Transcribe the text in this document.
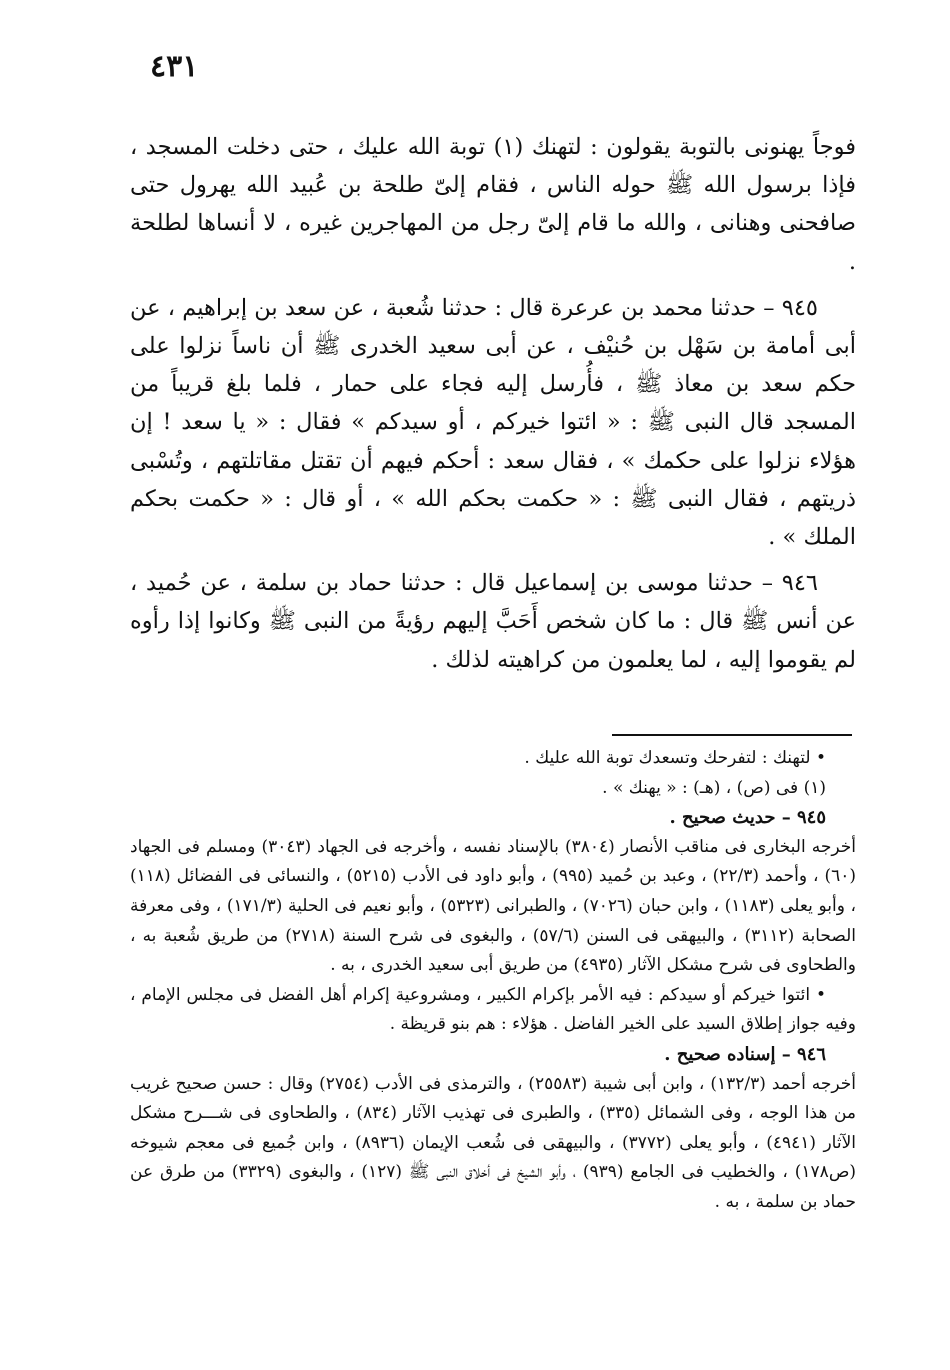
٤٣١

فوجاً يهنونى بالتوبة يقولون : لتهنك (١) توبة الله عليك ، حتى دخلت المسجد ، فإذا برسول الله ﷺ حوله الناس ، فقام إلىّ طلحة بن عُبيد الله يهرول حتى صافحنى وهنانى ، والله ما قام إلىّ رجل من المهاجرين غيره ، لا أنساها لطلحة .

٩٤٥ – حدثنا محمد بن عرعرة قال : حدثنا شُعبة ، عن سعد بن إبراهيم ، عن أبى أمامة بن سَهْل بن حُنيْف ، عن أبى سعيد الخدرى ﷺ أن ناساً نزلوا على حكم سعد بن معاذ ﷺ ، فأُرسل إليه فجاء على حمار ، فلما بلغ قريباً من المسجد قال النبى ﷺ : « ائتوا خيركم ، أو سيدكم » فقال : « يا سعد ! إن هؤلاء نزلوا على حكمك » ، فقال سعد : أحكم فيهم أن تقتل مقاتلتهم ، وتُسْبى ذريتهم ، فقال النبى ﷺ : « حكمت بحكم الله » ، أو قال : « حكمت بحكم الملك » .

٩٤٦ – حدثنا موسى بن إسماعيل قال : حدثنا حماد بن سلمة ، عن حُميد ، عن أنس ﷺ قال : ما كان شخص أَحَبَّ إليهم رؤيةً من النبى ﷺ وكانوا إذا رأوه لم يقوموا إليه ، لما يعلمون من كراهيته لذلك .

• لتهنك : لتفرحك وتسعدك توبة الله عليك .

(١) فى (ص) ، (هـ) : « يهنك » .

٩٤٥ – حديث صحيح .

أخرجه البخارى فى مناقب الأنصار (٣٨٠٤) بالإسناد نفسه ، وأخرجه فى الجهاد (٣٠٤٣) ومسلم فى الجهاد (٦٠) ، وأحمد (٢٢/٣) ، وعبد بن حُميد (٩٩٥) ، وأبو داود فى الأدب (٥٢١٥) ، والنسائى فى الفضائل (١١٨) ، وأبو يعلى (١١٨٣) ، وابن حبان (٧٠٢٦) ، والطبرانى (٥٣٢٣) ، وأبو نعيم فى الحلية (١٧١/٣) ، وفى معرفة الصحابة (٣١١٢) ، والبيهقى فى السنن (٥٧/٦) ، والبغوى فى شرح السنة (٢٧١٨) من طريق شُعبة به ، والطحاوى فى شرح مشكل الآثار (٤٩٣٥) من طريق أبى سعيد الخدرى ، به .

• ائتوا خيركم أو سيدكم : فيه الأمر بإكرام الكبير ، ومشروعية إكرام أهل الفضل فى مجلس الإمام ، وفيه جواز إطلاق السيد على الخير الفاضل . هؤلاء : هم بنو قريظة .

٩٤٦ – إسناده صحيح .

أخرجه أحمد (١٣٢/٣) ، وابن أبى شيبة (٢٥٥٨٣) ، والترمذى فى الأدب (٢٧٥٤) وقال : حسن صحيح غريب من هذا الوجه ، وفى الشمائل (٣٣٥) ، والطبرى فى تهذيب الآثار (٨٣٤) ، والطحاوى فى شـــرح مشكل الآثار (٤٩٤١) ، وأبو يعلى (٣٧٧٢) ، والبيهقى فى شُعب الإيمان (٨٩٣٦) ، وابن جُميع فى معجم شيوخه (ص١٧٨) ، والخطيب فى الجامع (٩٣٩) ، وأبو الشيخ فى أخلاق النبى ﷺ (١٢٧) ، والبغوى (٣٣٢٩) من طرق عن حماد بن سلمة ، به .
